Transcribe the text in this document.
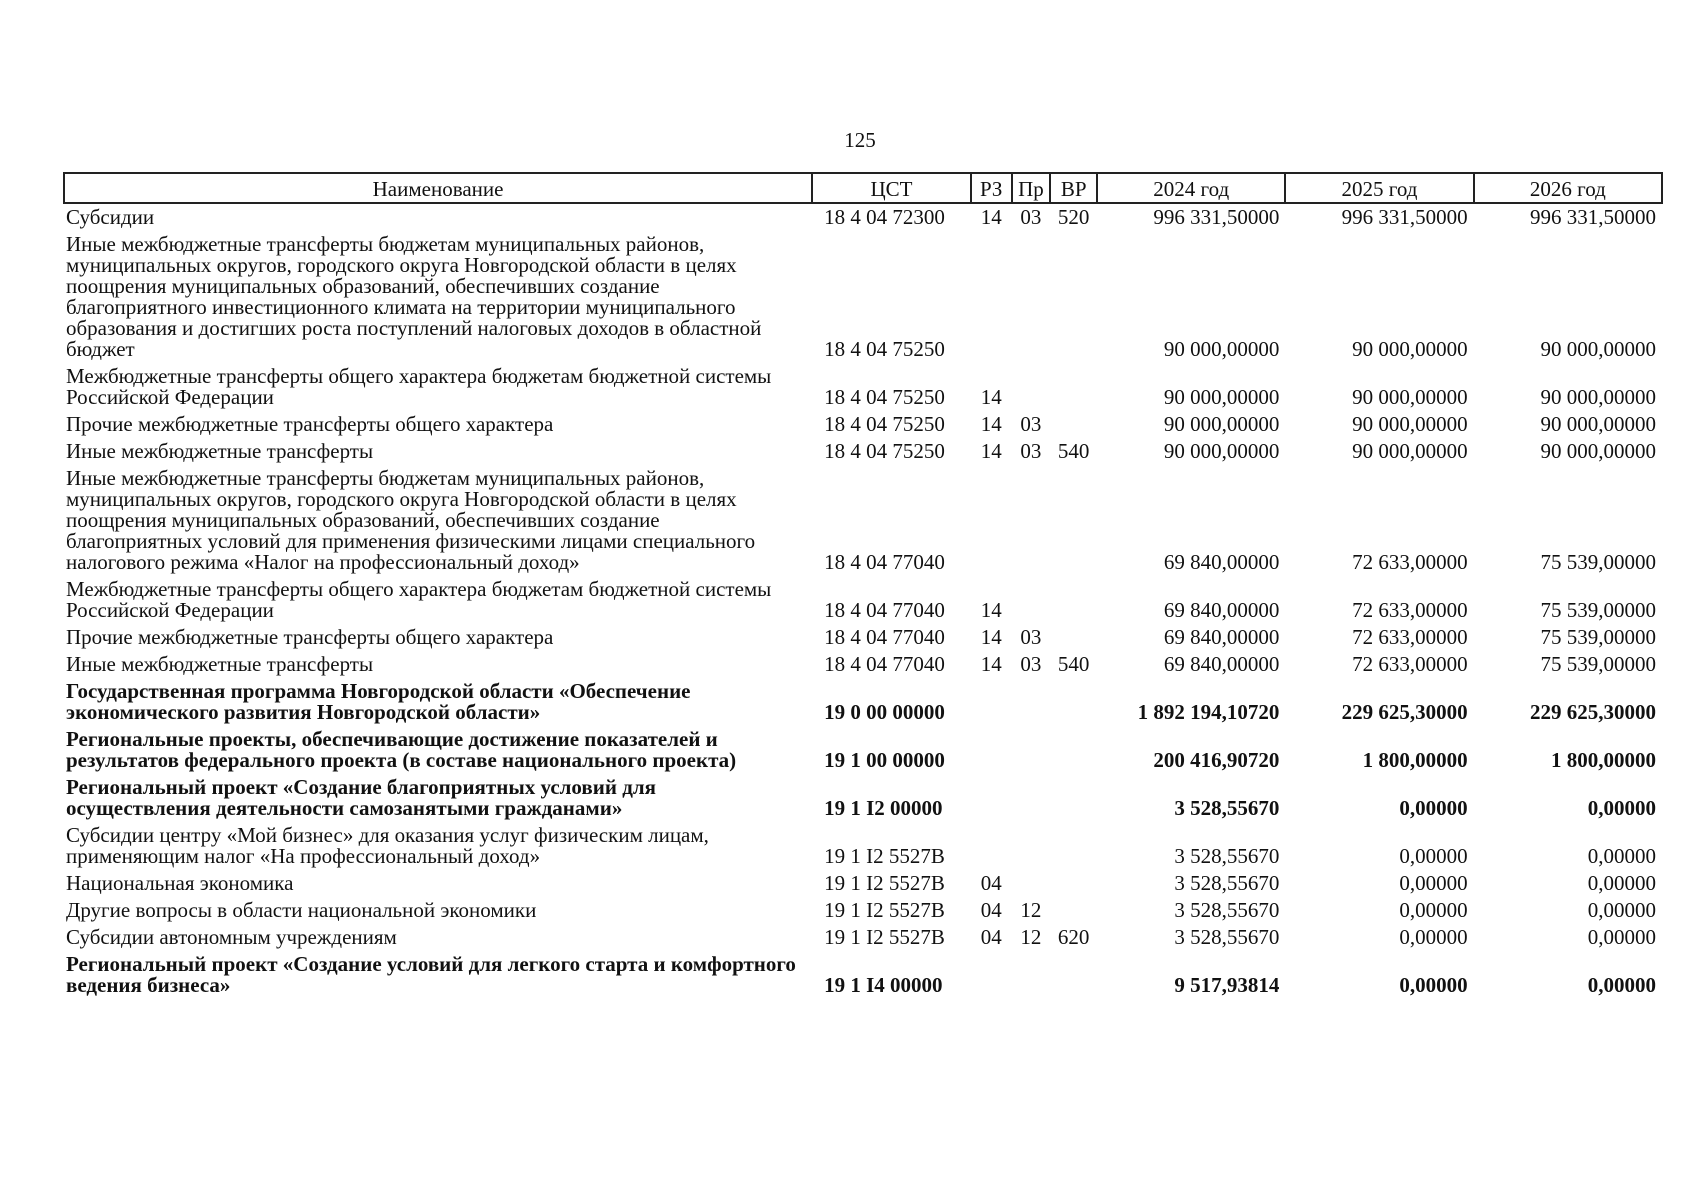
125
Наименование	ЦСТ	РЗ	Пр	ВР	2024 год	2025 год	2026 год
Субсидии	18 4 04 72300	14	03	520	996 331,50000	996 331,50000	996 331,50000
Иные межбюджетные трансферты бюджетам муниципальных районов, муниципальных округов, городского округа Новгородской области в целях поощрения муниципальных образований, обеспечивших создание благоприятного инвестиционного климата на территории муниципального образования и достигших роста поступлений налоговых доходов в областной бюджет	18 4 04 75250				90 000,00000	90 000,00000	90 000,00000
Межбюджетные трансферты общего характера бюджетам бюджетной системы Российской Федерации	18 4 04 75250	14			90 000,00000	90 000,00000	90 000,00000
Прочие межбюджетные трансферты общего характера	18 4 04 75250	14	03		90 000,00000	90 000,00000	90 000,00000
Иные межбюджетные трансферты	18 4 04 75250	14	03	540	90 000,00000	90 000,00000	90 000,00000
Иные межбюджетные трансферты бюджетам муниципальных районов, муниципальных округов, городского округа Новгородской области в целях поощрения муниципальных образований, обеспечивших создание благоприятных условий для применения физическими лицами специального налогового режима «Налог на профессиональный доход»	18 4 04 77040				69 840,00000	72 633,00000	75 539,00000
Межбюджетные трансферты общего характера бюджетам бюджетной системы Российской Федерации	18 4 04 77040	14			69 840,00000	72 633,00000	75 539,00000
Прочие межбюджетные трансферты общего характера	18 4 04 77040	14	03		69 840,00000	72 633,00000	75 539,00000
Иные межбюджетные трансферты	18 4 04 77040	14	03	540	69 840,00000	72 633,00000	75 539,00000
Государственная программа Новгородской области «Обеспечение экономического развития Новгородской области»	19 0 00 00000				1 892 194,10720	229 625,30000	229 625,30000
Региональные проекты, обеспечивающие достижение показателей и результатов федерального проекта (в составе национального проекта)	19 1 00 00000				200 416,90720	1 800,00000	1 800,00000
Региональный проект «Создание благоприятных условий для осуществления деятельности самозанятыми гражданами»	19 1 I2 00000				3 528,55670	0,00000	0,00000
Субсидии центру «Мой бизнес» для оказания услуг физическим лицам, применяющим налог «На профессиональный доход»	19 1 I2 5527B				3 528,55670	0,00000	0,00000
Национальная экономика	19 1 I2 5527B	04			3 528,55670	0,00000	0,00000
Другие вопросы в области национальной экономики	19 1 I2 5527B	04	12		3 528,55670	0,00000	0,00000
Субсидии автономным учреждениям	19 1 I2 5527B	04	12	620	3 528,55670	0,00000	0,00000
Региональный проект «Создание условий для легкого старта и комфортного ведения бизнеса»	19 1 I4 00000				9 517,93814	0,00000	0,00000
